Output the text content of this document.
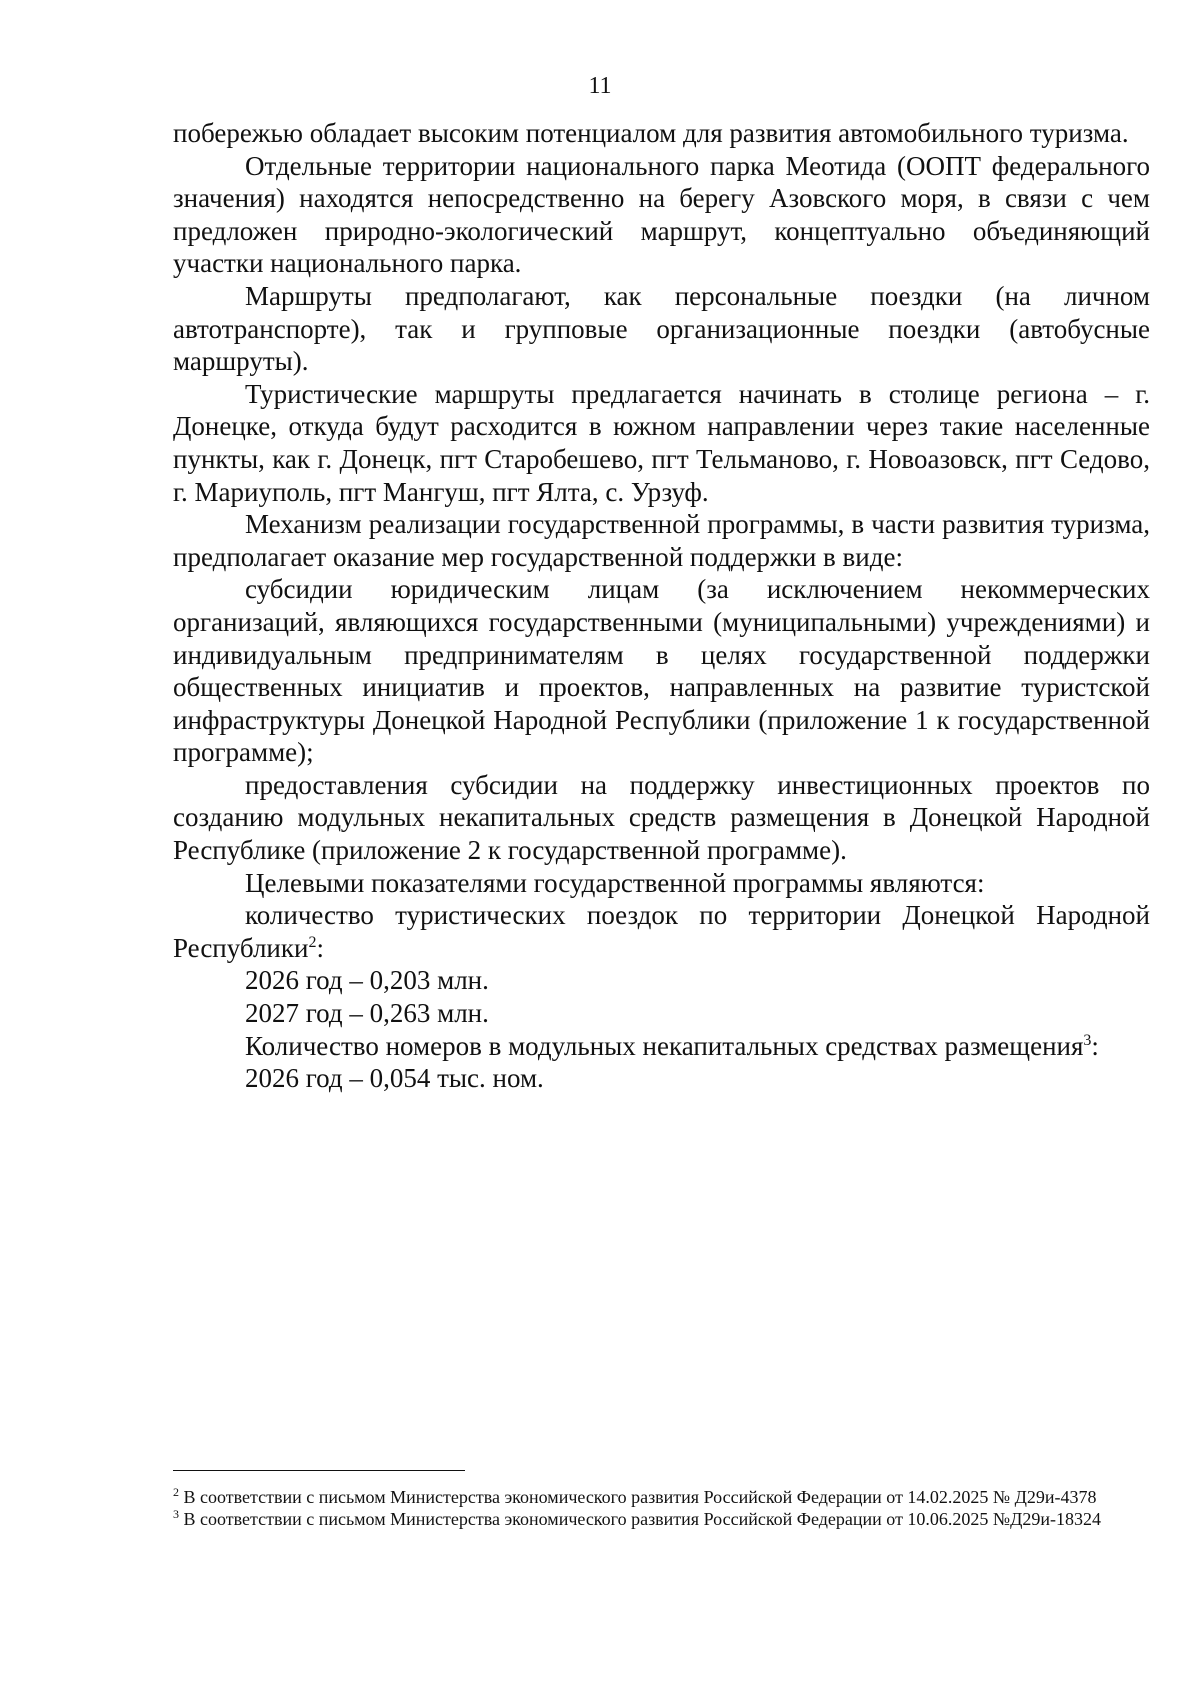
11

побережью обладает высоким потенциалом для развития автомобильного туризма.

Отдельные территории национального парка Меотида (ООПТ федерального значения) находятся непосредственно на берегу Азовского моря, в связи с чем предложен природно-экологический маршрут, концептуально объединяющий участки национального парка.

Маршруты предполагают, как персональные поездки (на личном автотранспорте), так и групповые организационные поездки (автобусные маршруты).

Туристические маршруты предлагается начинать в столице региона – г. Донецке, откуда будут расходится в южном направлении через такие населенные пункты, как г. Донецк, пгт Старобешево, пгт Тельманово, г. Новоазовск, пгт Седово, г. Мариуполь, пгт Мангуш, пгт Ялта, с. Урзуф.

Механизм реализации государственной программы, в части развития туризма, предполагает оказание мер государственной поддержки в виде:

субсидии юридическим лицам (за исключением некоммерческих организаций, являющихся государственными (муниципальными) учреждениями) и индивидуальным предпринимателям в целях государственной поддержки общественных инициатив и проектов, направленных на развитие туристской инфраструктуры Донецкой Народной Республики (приложение 1 к государственной программе);

предоставления субсидии на поддержку инвестиционных проектов по созданию модульных некапитальных средств размещения в Донецкой Народной Республике (приложение 2 к государственной программе).

Целевыми показателями государственной программы являются:

количество туристических поездок по территории Донецкой Народной Республики$^2$:

2026 год – 0,203 млн.

2027 год – 0,263 млн.

Количество номеров в модульных некапитальных средствах размещения$^3$:

2026 год – 0,054 тыс. ном.

$^2$ В соответствии с письмом Министерства экономического развития Российской Федерации от 14.02.2025 № Д29и-4378

$^3$ В соответствии с письмом Министерства экономического развития Российской Федерации от 10.06.2025 №Д29и-18324
